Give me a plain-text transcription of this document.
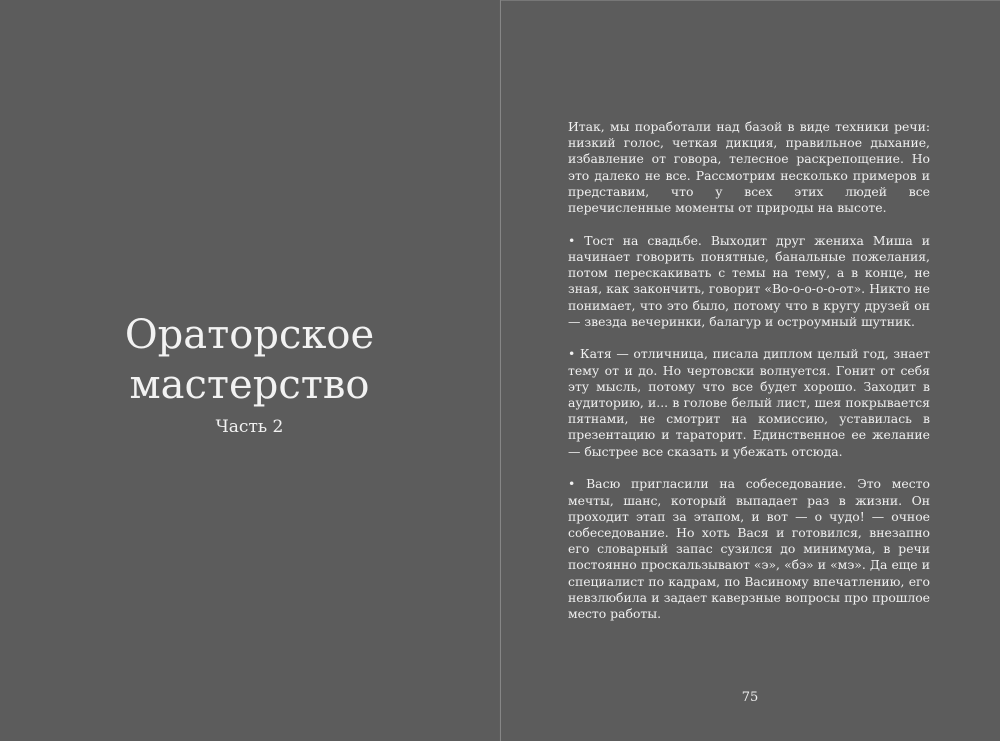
Ораторское
мастерство
Часть 2

Итак, мы поработали над базой в виде техники речи: низкий голос, четкая дикция, правильное дыхание, избавление от говора, телесное раскрепощение. Но это далеко не все. Рассмотрим несколько примеров и представим, что у всех этих людей все перечисленные моменты от природы на высоте.

• Тост на свадьбе. Выходит друг жениха Миша и начинает говорить понятные, банальные пожелания, потом перескакивать с темы на тему, а в конце, не зная, как закончить, говорит «Во-о-о-о-о-от». Никто не понимает, что это было, потому что в кругу друзей он — звезда вечеринки, балагур и остроумный шутник.

• Катя — отличница, писала диплом целый год, знает тему от и до. Но чертовски волнуется. Гонит от себя эту мысль, потому что все будет хорошо. Заходит в аудиторию, и... в голове белый лист, шея покрывается пятнами, не смотрит на комиссию, уставилась в презентацию и тараторит. Единственное ее желание — быстрее все сказать и убежать отсюда.

• Васю пригласили на собеседование. Это место мечты, шанс, который выпадает раз в жизни. Он проходит этап за этапом, и вот — о чудо! — очное собеседование. Но хоть Вася и готовился, внезапно его словарный запас сузился до минимума, в речи постоянно проскальзывают «э», «бэ» и «мэ». Да еще и специалист по кадрам, по Васиному впечатлению, его невзлюбила и задает каверзные вопросы про прошлое место работы.

75
